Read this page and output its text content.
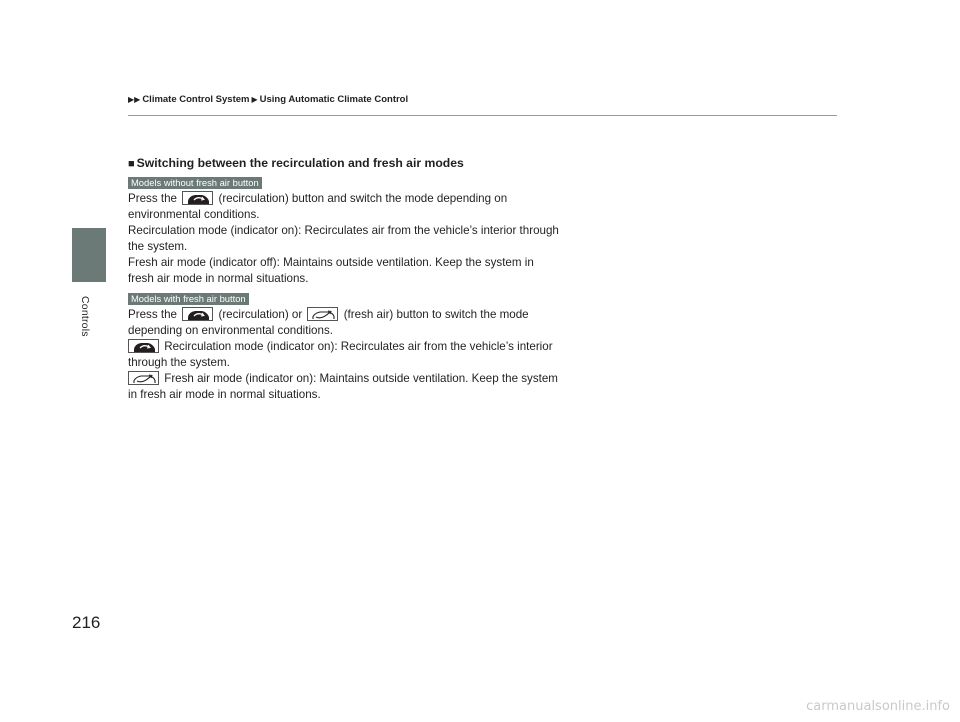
▶▶ Climate Control System ▶ Using Automatic Climate Control
Controls
■ Switching between the recirculation and fresh air modes
Models without fresh air button
Press the	(recirculation) button and switch the mode depending on
environmental conditions.
Recirculation mode (indicator on): Recirculates air from the vehicle’s interior through
the system.
Fresh air mode (indicator off): Maintains outside ventilation. Keep the system in
fresh air mode in normal situations.
Models with fresh air button
Press the	(recirculation) or	(fresh air) button to switch the mode
depending on environmental conditions.
Recirculation mode (indicator on): Recirculates air from the vehicle’s interior
through the system.
Fresh air mode (indicator on): Maintains outside ventilation. Keep the system
in fresh air mode in normal situations.
216
carmanualsonline.info
